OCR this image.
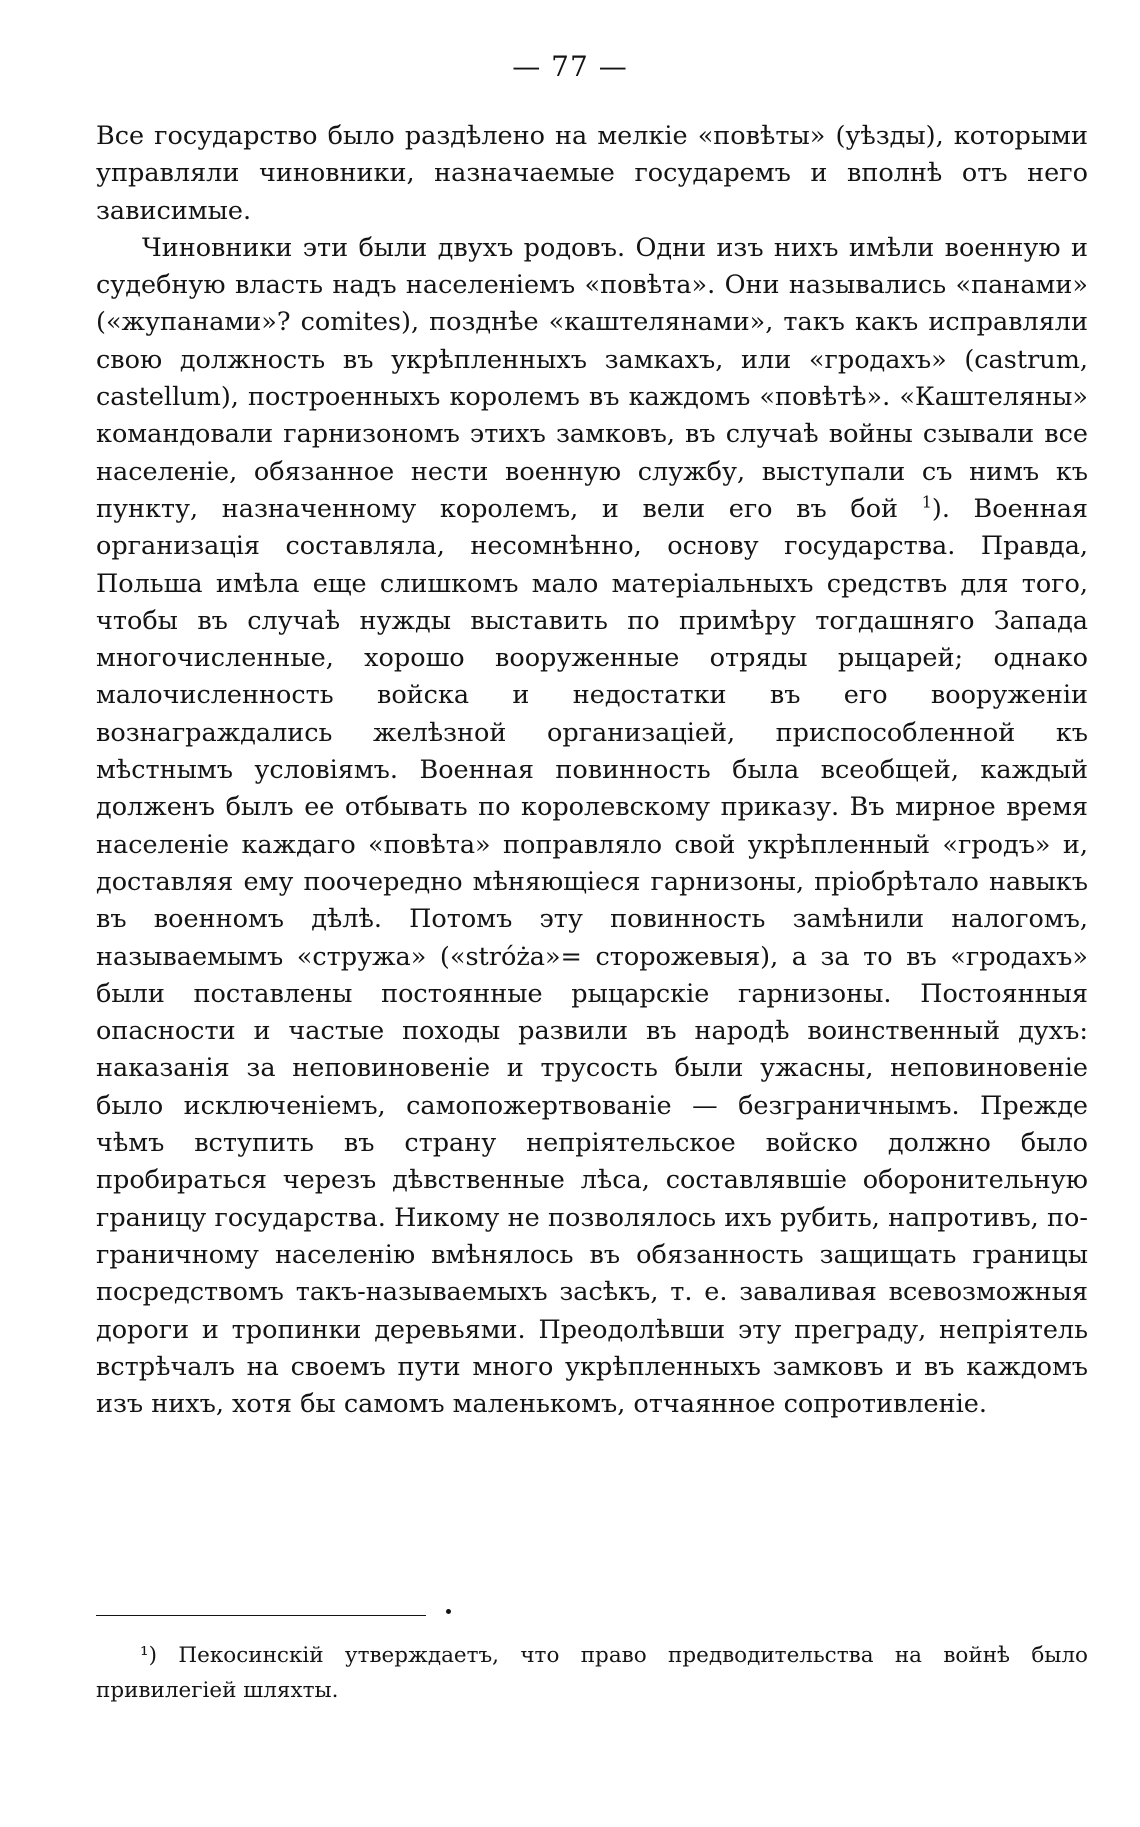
— 77 —

Все государство было раздѣлено на мелкіе «повѣты» (уѣзды), которыми управляли чиновники, назначаемые государемъ и вполнѣ отъ него зависимые.

Чиновники эти были двухъ родовъ. Одни изъ нихъ имѣли военную и судебную власть надъ населеніемъ «повѣта». Они назывались «панами» («жупанами»? comites), позднѣе «каштелянами», такъ какъ исправляли свою должность въ укрѣпленныхъ замкахъ, или «гродахъ» (castrum, castellum), построенныхъ королемъ въ каждомъ «повѣтѣ». «Каштеляны» командовали гарнизономъ этихъ замковъ, въ случаѣ войны сзывали все населеніе, обязанное нести военную службу, выступали съ нимъ къ пункту, назначенному королемъ, и вели его въ бой $^1$). Военная организація составляла, несомнѣнно, основу государства. Правда, Польша имѣла еще слишкомъ мало матеріальныхъ средствъ для того, чтобы въ случаѣ нужды выставить по примѣру тогдашняго Запада многочисленные, хорошо вооруженные отряды рыцарей; однако малочисленность войска и недостатки въ его вооруженіи вознаграждались желѣзной организаціей, приспособленной къ мѣстнымъ условіямъ. Военная повинность была всеобщей, каждый долженъ былъ ее отбывать по королевскому приказу. Въ мирное время населеніе каждаго «повѣта» поправляло свой укрѣпленный «гродъ» и, доставляя ему поочередно мѣняющіеся гарнизоны, пріобрѣтало навыкъ въ военномъ дѣлѣ. Потомъ эту повинность замѣнили налогомъ, называемымъ «стружа» («stróża»= сторожевыя), а за то въ «гродахъ» были поставлены постоянные рыцарскіе гарнизоны. Постоянныя опасности и частые походы развили въ народѣ воинственный духъ: наказанія за неповиновеніе и трусость были ужасны, неповиновеніе было исключеніемъ, самопожертвованіе — безграничнымъ. Прежде чѣмъ вступить въ страну непріятельское войско должно было пробираться черезъ дѣвственные лѣса, составлявшіе оборонительную границу государства. Никому не позволялось ихъ рубить, напротивъ, пограничному населенію вмѣнялось въ обязанность защищать границы посредствомъ такъ-называемыхъ засѣкъ, т. е. заваливая всевозможныя дороги и тропинки деревьями. Преодолѣвши эту преграду, непріятель встрѣчалъ на своемъ пути много укрѣпленныхъ замковъ и въ каждомъ изъ нихъ, хотя бы самомъ маленькомъ, отчаянное сопротивленіе.

¹) Пекосинскій утверждаетъ, что право предводительства на войнѣ было привилегіей шляхты.
